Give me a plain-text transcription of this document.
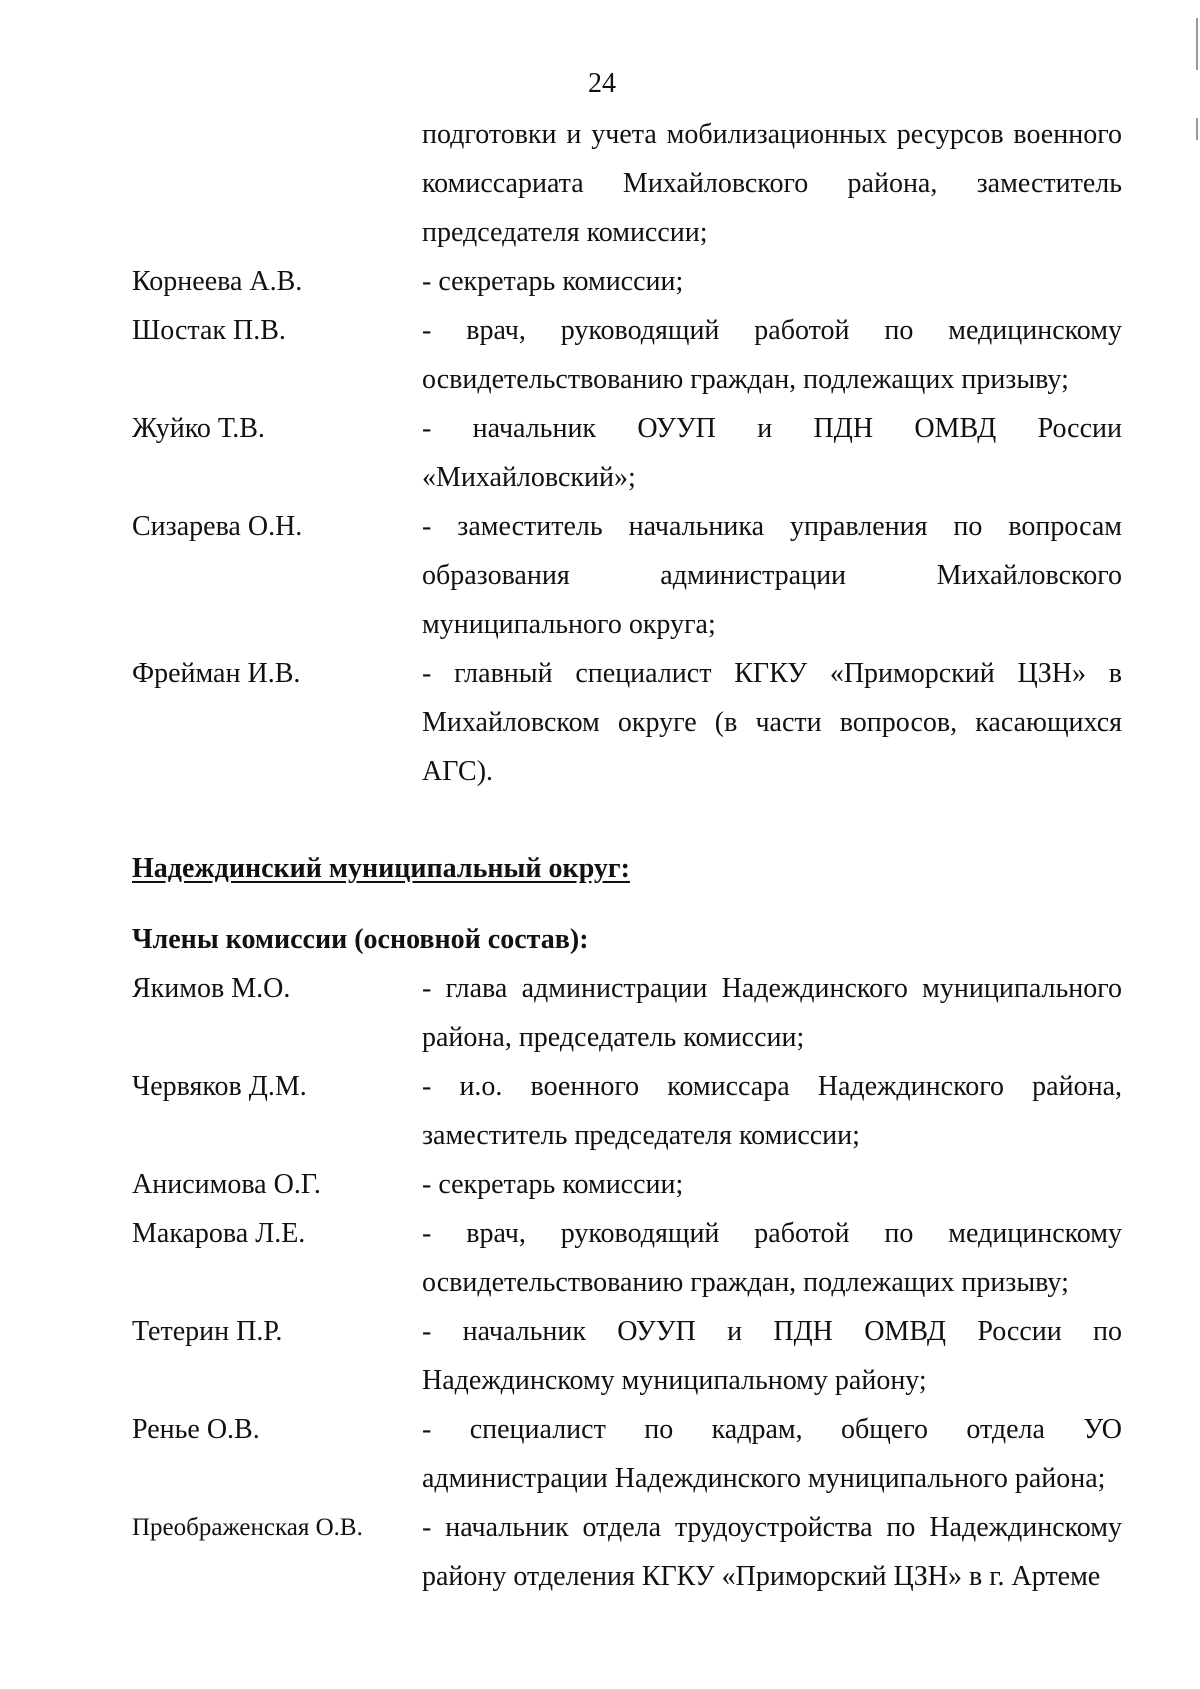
24
подготовки и учета мобилизационных ресурсов военного комиссариата Михайловского района, заместитель председателя комиссии;
Корнеева А.В.	- секретарь комиссии;
Шостак П.В.	- врач, руководящий работой по медицинскому освидетельствованию граждан, подлежащих призыву;
Жуйко Т.В.	- начальник ОУУП и ПДН ОМВД России «Михайловский»;
Сизарева О.Н.	- заместитель начальника управления по вопросам образования администрации Михайловского муниципального округа;
Фрейман И.В.	- главный специалист КГКУ «Приморский ЦЗН» в Михайловском округе (в части вопросов, касающихся АГС).
Надеждинский муниципальный округ:
Члены комиссии (основной состав):
Якимов М.О.	- глава администрации Надеждинского муниципального района, председатель комиссии;
Червяков Д.М.	- и.о. военного комиссара Надеждинского района, заместитель председателя комиссии;
Анисимова О.Г.	- секретарь комиссии;
Макарова Л.Е.	- врач, руководящий работой по медицинскому освидетельствованию граждан, подлежащих призыву;
Тетерин П.Р.	- начальник ОУУП и ПДН ОМВД России по Надеждинскому муниципальному району;
Ренье О.В.	- специалист по кадрам, общего отдела УО администрации Надеждинского муниципального района;
Преображенская О.В.	- начальник отдела трудоустройства по Надеждинскому району отделения КГКУ «Приморский ЦЗН» в г. Артеме
